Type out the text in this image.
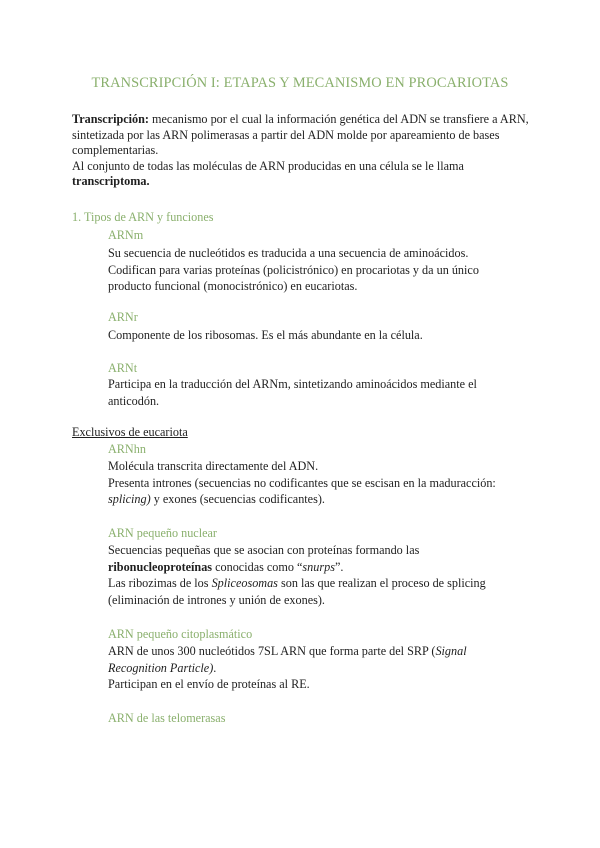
TRANSCRIPCIÓN I: ETAPAS Y MECANISMO EN PROCARIOTAS
Transcripción: mecanismo por el cual la información genética del ADN se transfiere a ARN,
sintetizada por las ARN polimerasas a partir del ADN molde por apareamiento de bases
complementarias.
Al conjunto de todas las moléculas de ARN producidas en una célula se le llama
transcriptoma.
1. Tipos de ARN y funciones
ARNm
Su secuencia de nucleótidos es traducida a una secuencia de aminoácidos.
Codifican para varias proteínas (policistrónico) en procariotas y da un único
producto funcional (monocistrónico) en eucariotas.
ARNr
Componente de los ribosomas. Es el más abundante en la célula.
ARNt
Participa en la traducción del ARNm, sintetizando aminoácidos mediante el
anticodón.
Exclusivos de eucariota
ARNhn
Molécula transcrita directamente del ADN.
Presenta intrones (secuencias no codificantes que se escisan en la maduracción:
splicing) y exones (secuencias codificantes).
ARN pequeño nuclear
Secuencias pequeñas que se asocian con proteínas formando las
ribonucleoproteínas conocidas como “snurps”.
Las ribozimas de los Spliceosomas son las que realizan el proceso de splicing
(eliminación de intrones y unión de exones).
ARN pequeño citoplasmático
ARN de unos 300 nucleótidos 7SL ARN que forma parte del SRP (Signal
Recognition Particle).
Participan en el envío de proteínas al RE.
ARN de las telomerasas
